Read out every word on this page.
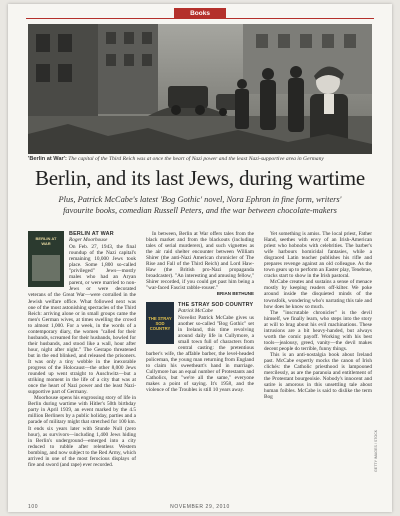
Books
'Berlin at War': The capital of the Third Reich was at once the heart of Nazi power and the least Nazi-supportive area in Germany
Berlin, and its last Jews, during wartime
Plus, Patrick McCabe's latest 'Bog Gothic' novel, Nora Ephron in fine form, writers' favourite books, comedian Russell Peters, and the war between chocolate-makers
BERLIN AT WAR

BERLIN AT WAR

Roger Moorhouse

On Feb. 27, 1943, the final roundup of the Nazi capital's remaining 10,000 Jews took place. Some 1,800 so-called "privileged" Jews—mostly males who had an Aryan parent, or were married to non-Jews or were decorated veterans of the Great War—were corralled in the Jewish welfare office. What followed next was one of the most astonishing spectacles of the Third Reich: arriving alone or in small groups came the men's German wives, at times swelling the crowd to almost 1,000. For a week, in the words of a contemporary diary, the women "called for their husbands, screamed for their husbands, howled for their husbands, and stood like a wall, hour after hour, night after night." The Gestapo threatened but in the end blinked, and released the prisoners. It was only a tiny wobble in the inexorable progress of the Holocaust—the other 8,000 Jews rounded up went straight to Auschwitz—but a striking moment in the life of a city that was at once the heart of Nazi power and the least Nazi-supportive part of Germany.

Moorhouse opens his engrossing story of life in Berlin during wartime with Hitler's 50th birthday party in April 1939, an event marked by the 4.5 million Berliners by a public holiday, parties and a parade of military might that stretched for 100 km. It ends six years later with Stunde Null (zero hour), as survivors—including 1,400 Jews hiding in Berlin's underground—emerged into a city reduced to rubble after relentless Western bombing, and now subject to the Red Army, which arrived in one of the most ferocious displays of fire and sword (and rape) ever recorded.

In between, Berlin at War offers tales from the black market and from the blackouts (including tales of serial murderers), and such vignettes as the air raid shelter encounter between William Shirer (the anti-Nazi American chronicler of The Rise and Fall of the Third Reich) and Lord Haw-Haw (the British pro-Nazi propaganda broadcaster). "An interesting and amusing fellow," Shirer recorded, if you could get past him being a "war-faced Fascist rabble-rouser."

BRIAN BETHUNE

THE STRAY SOD COUNTRY

THE STRAY SOD COUNTRY

Patrick McCabe

Novelist Patrick McCabe gives us another so-called "Bog Gothic" set in Ireland, this time revolving around daily life in Cullymore, a small town full of characters from central casting: the pretentious barber's wife, the affable barber, the level-headed policeman, the young man returning from England to claim his sweetheart's hand in marriage. Cullymore has an equal number of Protestants and Catholics, but "we're all the same," everyone makes a point of saying. It's 1958, and the violence of the Troubles is still 10 years away.

Yet something is amiss. The local priest, Father Hand, seethes with envy of an Irish-American priest who hobnobs with celebrities. The barber's wife harbours homicidal fantasies, while a disgraced Latin teacher publishes his rifle and prepares revenge against an old colleague. As the town gears up to perform an Easter play, Tenebrae, cracks start to show in the Irish pastoral.

McCabe creates and sustains a sense of menace mostly by keeping readers off-kilter. We poke around inside the disquieted minds of the townsfolk, wondering who's narrating this tale and how does he know so much.

The "inscrutable chronicler" is the devil himself, we finally learn, who steps into the story at will to brag about his evil machinations. These intrusions are a bit heavy-handed, but always worth the comic payoff. Working with his best tools—jealousy, greed, vanity—the devil makes decent people do terrible, funny things.

This is an anti-nostalgia book about Ireland past. McCabe expertly mocks the canon of Irish clichés: the Catholic priesthood is lampooned mercilessly, as are the paranoia and entitlement of the Protestant bourgeoisie. Nobody's innocent and satire is amorous in this unsettling tale about human foibles. McCabe is said to dislike the term Bog

GETTY IMAGES / STOCK
100	NOVEMBER 29, 2010
